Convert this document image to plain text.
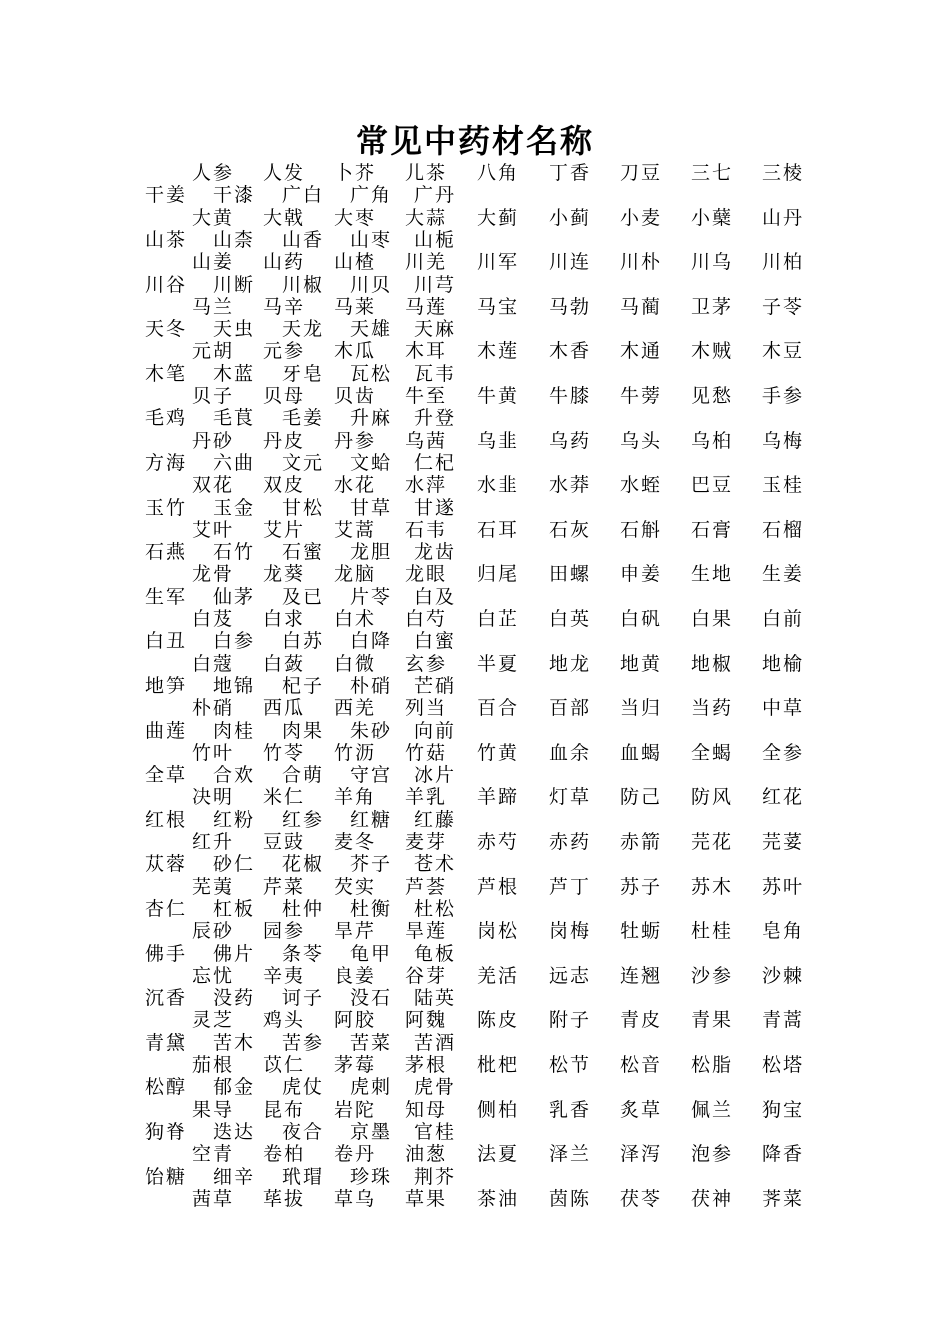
常见中药材名称
人参 人发 卜芥 儿茶 八角 丁香 刀豆 三七 三棱
干姜 干漆 广白 广角 广丹
大黄 大戟 大枣 大蒜 大蓟 小蓟 小麦 小蘖 山丹
山茶 山柰 山香 山枣 山栀
山姜 山药 山楂 川羌 川军 川连 川朴 川乌 川柏
川谷 川断 川椒 川贝 川芎
马兰 马辛 马莱 马莲 马宝 马勃 马蔺 卫茅 子苓
天冬 天虫 天龙 天雄 天麻
元胡 元参 木瓜 木耳 木莲 木香 木通 木贼 木豆
木笔 木蓝 牙皂 瓦松 瓦韦
贝子 贝母 贝齿 牛至 牛黄 牛膝 牛蒡 见愁 手参
毛鸡 毛茛 毛姜 升麻 升登
丹砂 丹皮 丹参 乌茜 乌韭 乌药 乌头 乌桕 乌梅
方海 六曲 文元 文蛤 仁杞
双花 双皮 水花 水萍 水韭 水莽 水蛭 巴豆 玉桂
玉竹 玉金 甘松 甘草 甘遂
艾叶 艾片 艾蒿 石韦 石耳 石灰 石斛 石膏 石榴
石燕 石竹 石蜜 龙胆 龙齿
龙骨 龙葵 龙脑 龙眼 归尾 田螺 申姜 生地 生姜
生军 仙茅 及已 片苓 白及
白芨 白求 白术 白芍 白芷 白英 白矾 白果 白前
白丑 白参 白苏 白降 白蜜
白蔻 白蔹 白微 玄参 半夏 地龙 地黄 地椒 地榆
地笋 地锦 杞子 朴硝 芒硝
朴硝 西瓜 西羌 列当 百合 百部 当归 当药 中草
曲莲 肉桂 肉果 朱砂 向前
竹叶 竹苓 竹沥 竹菇 竹黄 血余 血蝎 全蝎 全参
全草 合欢 合萌 守宫 冰片
决明 米仁 羊角 羊乳 羊蹄 灯草 防己 防风 红花
红根 红粉 红参 红糖 红藤
红升 豆豉 麦冬 麦芽 赤芍 赤药 赤箭 芫花 芫荽
苁蓉 砂仁 花椒 芥子 苍术
芜荑 芹菜 芡实 芦荟 芦根 芦丁 苏子 苏木 苏叶
杏仁 杠板 杜仲 杜衡 杜松
辰砂 园参 旱芹 旱莲 岗松 岗梅 牡蛎 杜桂 皂角
佛手 佛片 条苓 龟甲 龟板
忘忧 辛夷 良姜 谷芽 羌活 远志 连翘 沙参 沙棘
沉香 没药 诃子 没石 陆英
灵芝 鸡头 阿胶 阿魏 陈皮 附子 青皮 青果 青蒿
青黛 苦木 苦参 苦菜 苦酒
茄根 苡仁 茅莓 茅根 枇杷 松节 松音 松脂 松塔
松醇 郁金 虎仗 虎刺 虎骨
果导 昆布 岩陀 知母 侧柏 乳香 炙草 佩兰 狗宝
狗脊 迭达 夜合 京墨 官桂
空青 卷柏 卷丹 油葱 法夏 泽兰 泽泻 泡参 降香
饴糖 细辛 玳瑁 珍珠 荆芥
茜草 荜拔 草乌 草果 茶油 茵陈 茯苓 茯神 荠菜
